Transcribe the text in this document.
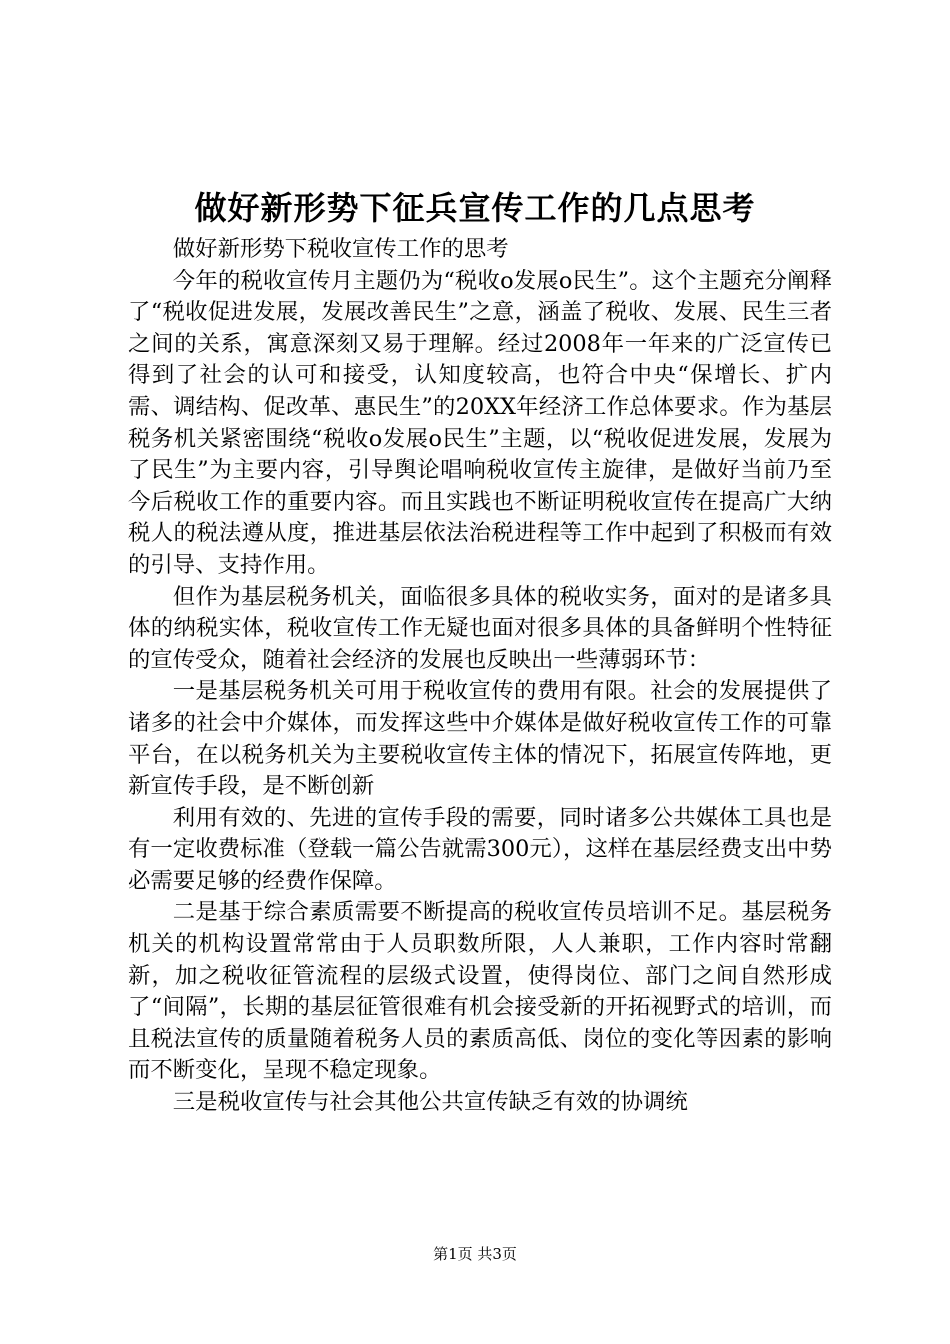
做好新形势下征兵宣传工作的几点思考

做好新形势下税收宣传工作的思考

今年的税收宣传月主题仍为“税收ο发展ο民生”。这个主题充分阐释了“税收促进发展，发展改善民生”之意，涵盖了税收、发展、民生三者之间的关系，寓意深刻又易于理解。经过2008年一年来的广泛宣传已得到了社会的认可和接受，认知度较高，也符合中央“保增长、扩内需、调结构、促改革、惠民生”的20XX年经济工作总体要求。作为基层税务机关紧密围绕“税收ο发展ο民生”主题，以“税收促进发展，发展为了民生”为主要内容，引导舆论唱响税收宣传主旋律，是做好当前乃至今后税收工作的重要内容。而且实践也不断证明税收宣传在提高广大纳税人的税法遵从度，推进基层依法治税进程等工作中起到了积极而有效的引导、支持作用。

但作为基层税务机关，面临很多具体的税收实务，面对的是诸多具体的纳税实体，税收宣传工作无疑也面对很多具体的具备鲜明个性特征的宣传受众，随着社会经济的发展也反映出一些薄弱环节：

一是基层税务机关可用于税收宣传的费用有限。社会的发展提供了诸多的社会中介媒体，而发挥这些中介媒体是做好税收宣传工作的可靠平台，在以税务机关为主要税收宣传主体的情况下，拓展宣传阵地，更新宣传手段，是不断创新

利用有效的、先进的宣传手段的需要，同时诸多公共媒体工具也是有一定收费标准（登载一篇公告就需300元），这样在基层经费支出中势必需要足够的经费作保障。

二是基于综合素质需要不断提高的税收宣传员培训不足。基层税务机关的机构设置常常由于人员职数所限，人人兼职，工作内容时常翻新，加之税收征管流程的层级式设置，使得岗位、部门之间自然形成了“间隔”，长期的基层征管很难有机会接受新的开拓视野式的培训，而且税法宣传的质量随着税务人员的素质高低、岗位的变化等因素的影响而不断变化，呈现不稳定现象。

三是税收宣传与社会其他公共宣传缺乏有效的协调统

第1页 共3页
